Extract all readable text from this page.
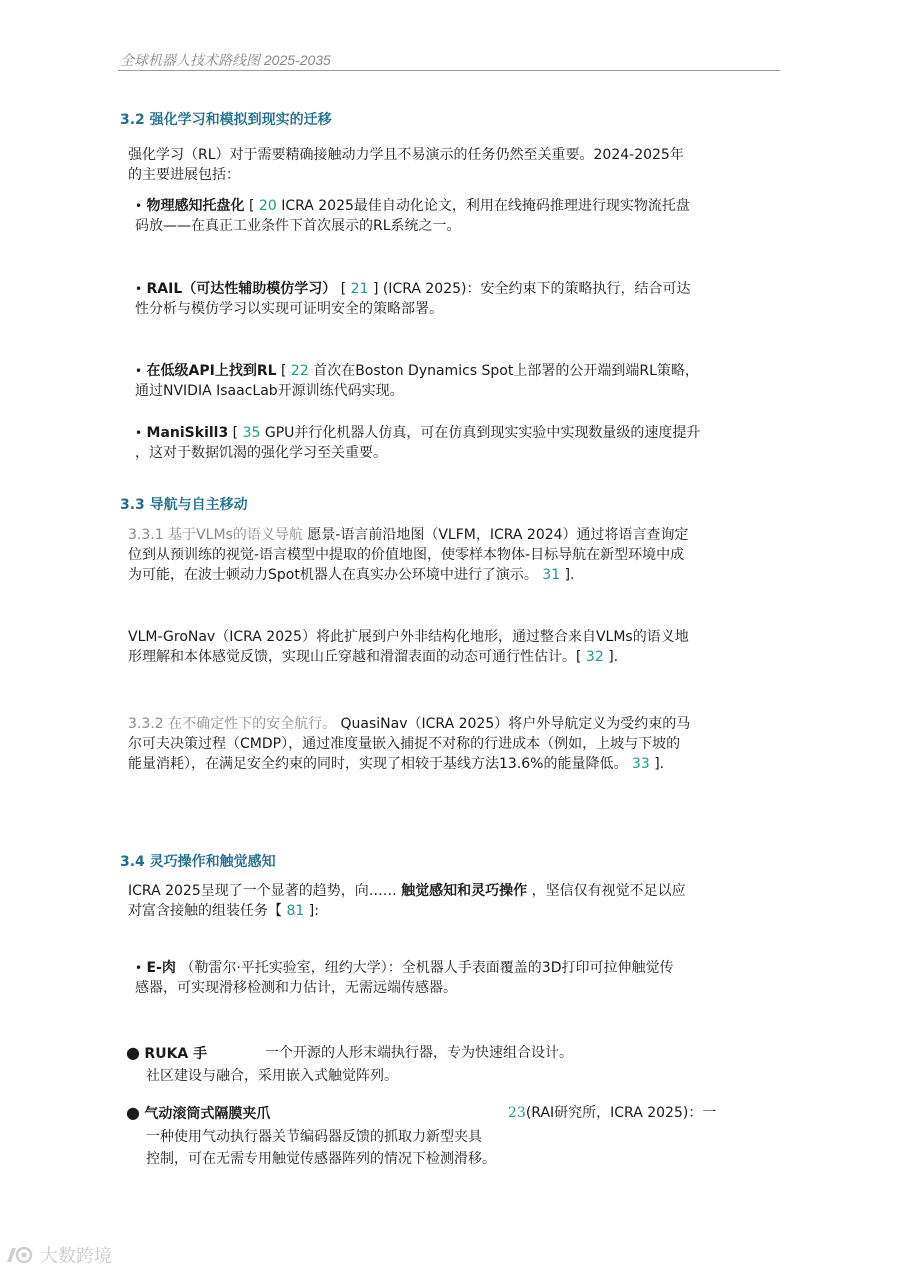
全球机器人技术路线图 2025-2035
3.2 强化学习和模拟到现实的迁移
强化学习（RL）对于需要精确接触动力学且不易演示的任务仍然至关重要。2024-2025年
的主要进展包括：
• 物理感知托盘化 [ 20 ICRA 2025最佳自动化论文，利用在线掩码推理进行现实物流托盘
码放——在真正工业条件下首次展示的RL系统之一。
• RAIL（可达性辅助模仿学习） [ 21 ] (ICRA 2025)：安全约束下的策略执行，结合可达
性分析与模仿学习以实现可证明安全的策略部署。
• 在低级API上找到RL [ 22 首次在Boston Dynamics Spot上部署的公开端到端RL策略，
通过NVIDIA IsaacLab开源训练代码实现。
• ManiSkill3 [ 35 GPU并行化机器人仿真，可在仿真到现实实验中实现数量级的速度提升
，这对于数据饥渴的强化学习至关重要。
3.3 导航与自主移动
3.3.1 基于VLMs的语义导航 愿景-语言前沿地图（VLFM，ICRA 2024）通过将语言查询定
位到从预训练的视觉-语言模型中提取的价值地图，使零样本物体-目标导航在新型环境中成
为可能，在波士顿动力Spot机器人在真实办公环境中进行了演示。 31 ].
VLM-GroNav（ICRA 2025）将此扩展到户外非结构化地形，通过整合来自VLMs的语义地
形理解和本体感觉反馈，实现山丘穿越和滑溜表面的动态可通行性估计。[ 32 ].
3.3.2 在不确定性下的安全航行。 QuasiNav（ICRA 2025）将户外导航定义为受约束的马
尔可夫决策过程（CMDP），通过准度量嵌入捕捉不对称的行进成本（例如，上坡与下坡的
能量消耗），在满足安全约束的同时，实现了相较于基线方法13.6%的能量降低。 33 ].
3.4 灵巧操作和触觉感知
ICRA 2025呈现了一个显著的趋势，向…… 触觉感知和灵巧操作 ，坚信仅有视觉不足以应
对富含接触的组装任务【 81 ]:
• E-肉 （勒雷尔·平托实验室，纽约大学）：全机器人手表面覆盖的3D打印可拉伸触觉传
感器，可实现滑移检测和力估计，无需远端传感器。
● RUKA 手	一个开源的人形末端执行器，专为快速组合设计。
社区建设与融合，采用嵌入式触觉阵列。
● 气动滚筒式隔膜夹爪	23(RAI研究所，ICRA 2025)：一
一种使用气动执行器关节编码器反馈的抓取力新型夹具
控制，可在无需专用触觉传感器阵列的情况下检测滑移。
大数跨境
